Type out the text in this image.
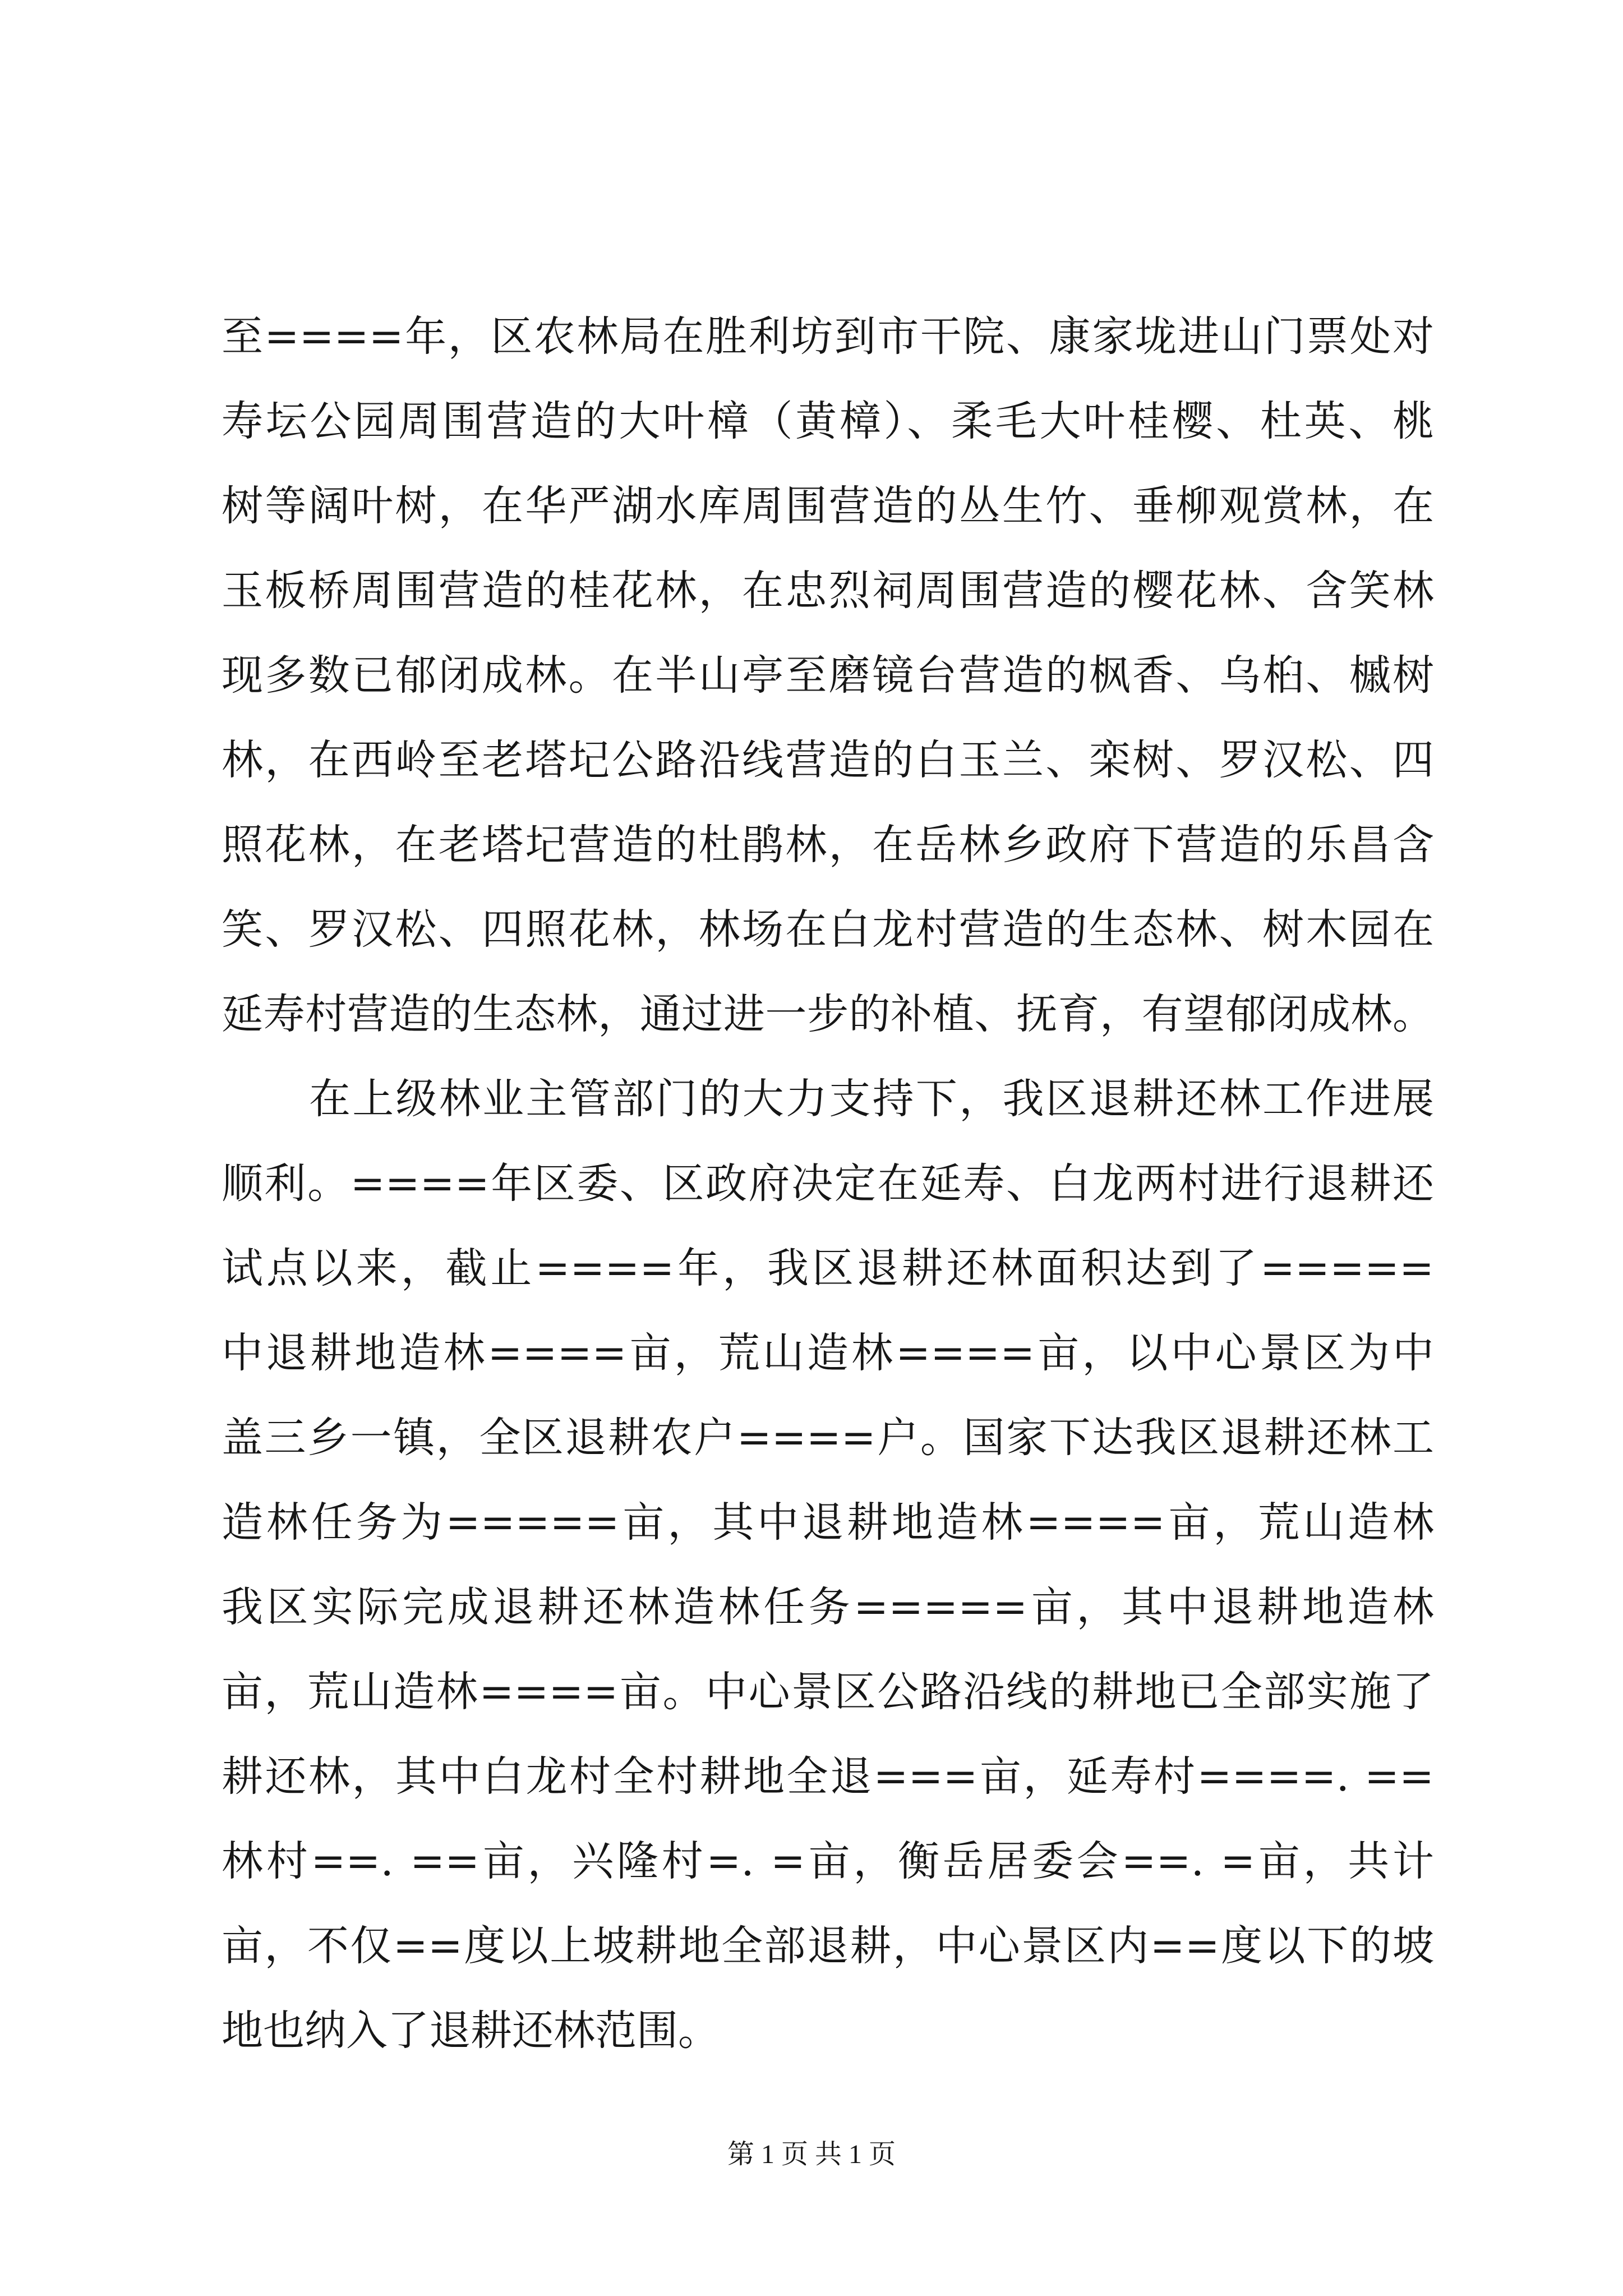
至====年，区农林局在胜利坊到市干院、康家垅进山门票处对
寿坛公园周围营造的大叶樟（黄樟）、柔毛大叶桂樱、杜英、桃
树等阔叶树，在华严湖水库周围营造的丛生竹、垂柳观赏林，在
玉板桥周围营造的桂花林，在忠烈祠周围营造的樱花林、含笑林
现多数已郁闭成林。在半山亭至磨镜台营造的枫香、乌桕、槭树
林，在西岭至老塔圮公路沿线营造的白玉兰、栾树、罗汉松、四
照花林，在老塔圮营造的杜鹃林，在岳林乡政府下营造的乐昌含
笑、罗汉松、四照花林，林场在白龙村营造的生态林、树木园在
延寿村营造的生态林，通过进一步的补植、抚育，有望郁闭成林。
在上级林业主管部门的大力支持下，我区退耕还林工作进展
顺利。====年区委、区政府决定在延寿、白龙两村进行退耕还
试点以来，截止====年，我区退耕还林面积达到了=====
中退耕地造林====亩，荒山造林====亩，以中心景区为中
盖三乡一镇，全区退耕农户====户。国家下达我区退耕还林工
造林任务为=====亩，其中退耕地造林====亩，荒山造林
我区实际完成退耕还林造林任务=====亩，其中退耕地造林
亩，荒山造林====亩。中心景区公路沿线的耕地已全部实施了
耕还林，其中白龙村全村耕地全退===亩，延寿村====. ==
林村==. ==亩，兴隆村=. =亩，衡岳居委会==. =亩，共计
亩，不仅==度以上坡耕地全部退耕，中心景区内==度以下的坡
地也纳入了退耕还林范围。
第 1 页 共 1 页
